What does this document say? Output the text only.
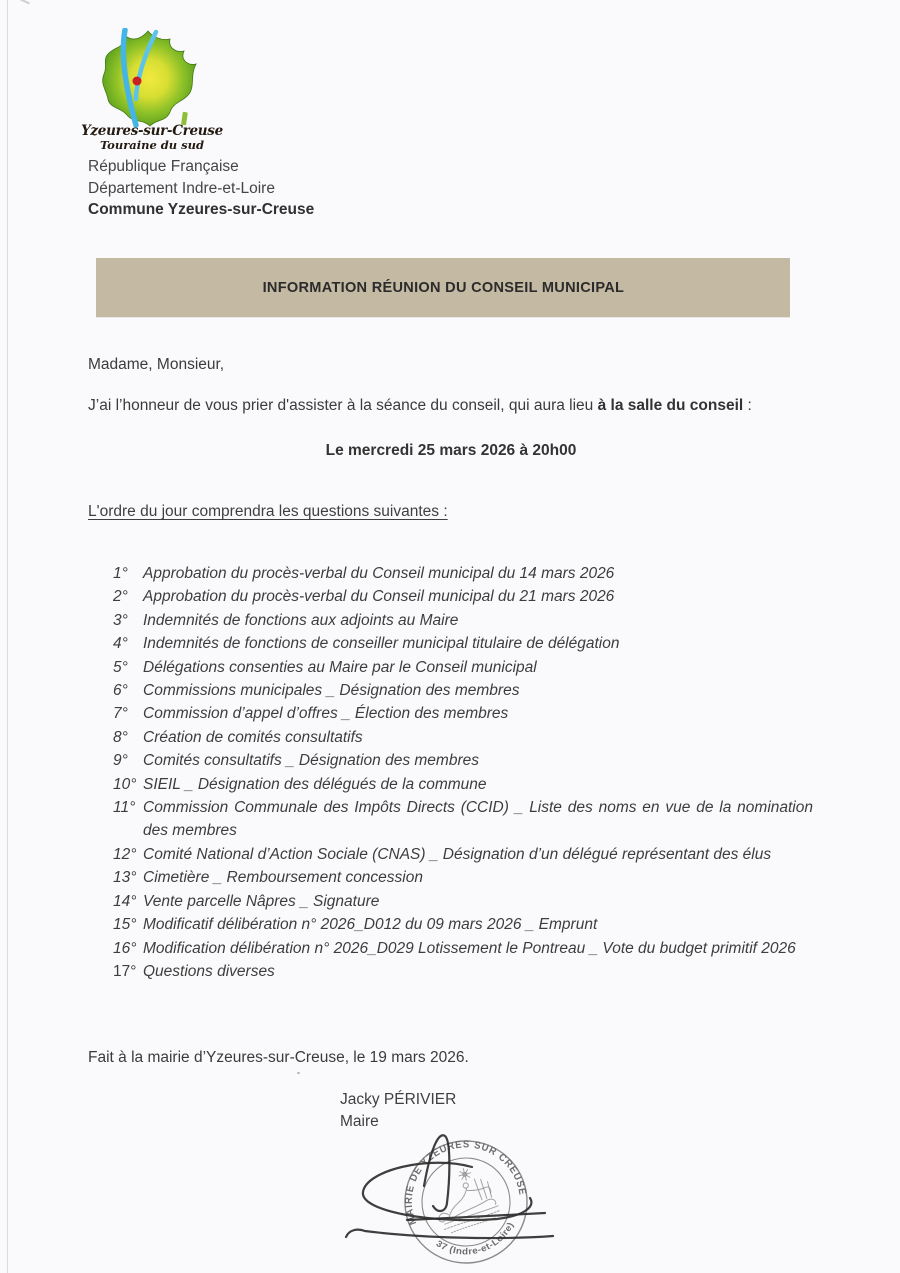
Yzeures-sur-Creuse
Touraine du sud
République Française
Département Indre-et-Loire
Commune Yzeures-sur-Creuse
INFORMATION RÉUNION DU CONSEIL MUNICIPAL
Madame, Monsieur,
J’ai l’honneur de vous prier d'assister à la séance du conseil, qui aura lieu à la salle du conseil :
Le mercredi 25 mars 2026 à 20h00
L'ordre du jour comprendra les questions suivantes :
1° Approbation du procès-verbal du Conseil municipal du 14 mars 2026
2° Approbation du procès-verbal du Conseil municipal du 21 mars 2026
3° Indemnités de fonctions aux adjoints au Maire
4° Indemnités de fonctions de conseiller municipal titulaire de délégation
5° Délégations consenties au Maire par le Conseil municipal
6° Commissions municipales _ Désignation des membres
7° Commission d’appel d’offres _ Élection des membres
8° Création de comités consultatifs
9° Comités consultatifs _ Désignation des membres
10° SIEIL _ Désignation des délégués de la commune
11° Commission Communale des Impôts Directs (CCID) _ Liste des noms en vue de la nomination des membres
12° Comité National d’Action Sociale (CNAS) _ Désignation d’un délégué représentant des élus
13° Cimetière _ Remboursement concession
14° Vente parcelle Nâpres _ Signature
15° Modificatif délibération n° 2026_D012 du 09 mars 2026 _ Emprunt
16° Modification délibération n° 2026_D029 Lotissement le Pontreau _ Vote du budget primitif 2026
17° Questions diverses
Fait à la mairie d’Yzeures-sur-Creuse, le 19 mars 2026.
Jacky PÉRIVIER
Maire
★ MAIRIE DE YZEURES SUR CREUSE ★
37 (Indre-et-Loire)
